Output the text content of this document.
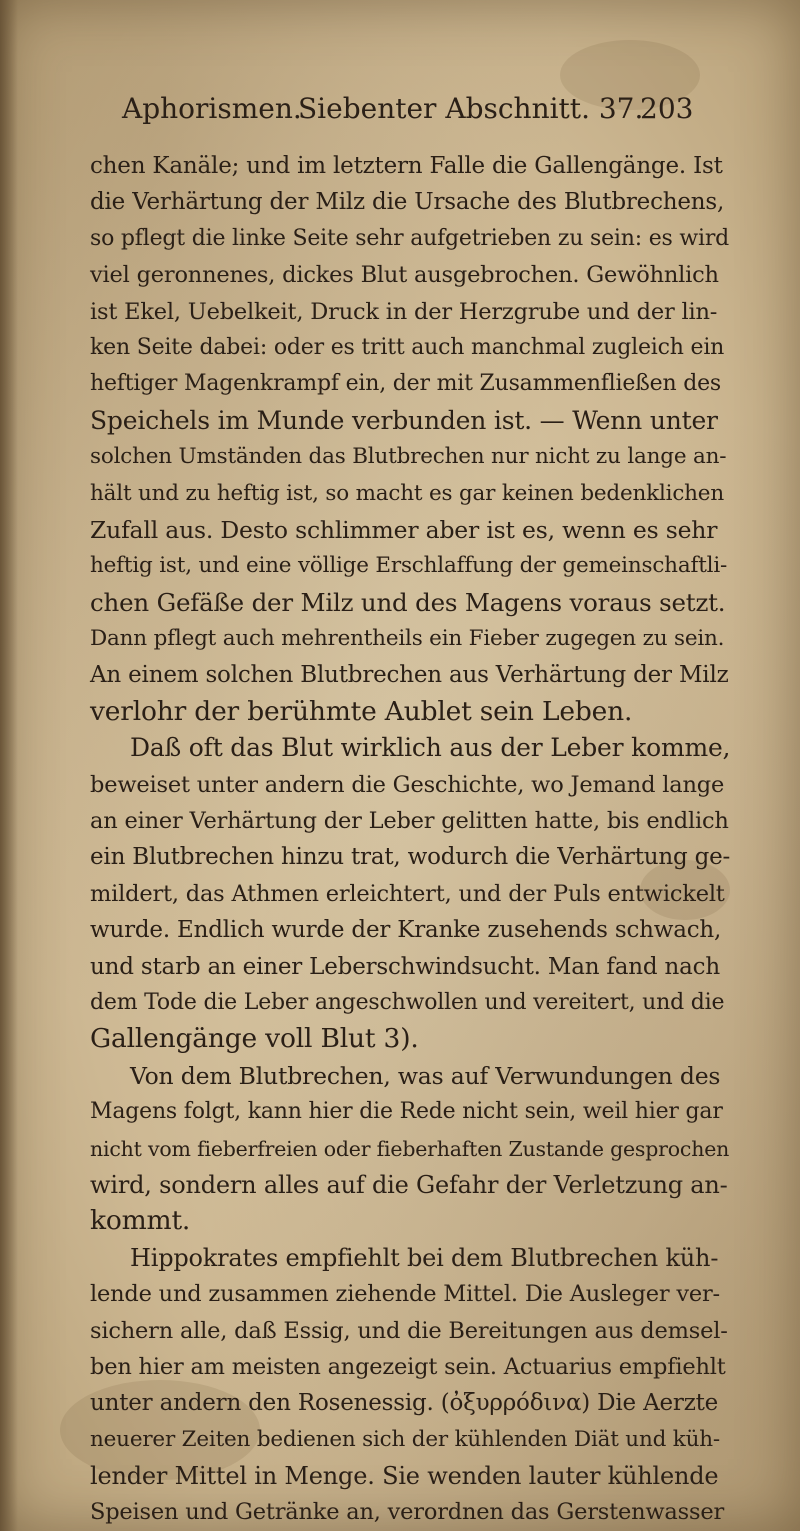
Aphorismen.
Siebenter Abschnitt. 37.
203
chen Kanäle; und im letztern Falle die Gallengänge. Ist
die Verhärtung der Milz die Ursache des Blutbrechens,
so pflegt die linke Seite sehr aufgetrieben zu sein: es wird
viel geronnenes, dickes Blut ausgebrochen. Gewöhnlich
ist Ekel, Uebelkeit, Druck in der Herzgrube und der lin-
ken Seite dabei: oder es tritt auch manchmal zugleich ein
heftiger Magenkrampf ein, der mit Zusammenfließen des
Speichels im Munde verbunden ist. — Wenn unter
solchen Umständen das Blutbrechen nur nicht zu lange an-
hält und zu heftig ist, so macht es gar keinen bedenklichen
Zufall aus. Desto schlimmer aber ist es, wenn es sehr
heftig ist, und eine völlige Erschlaffung der gemeinschaftli-
chen Gefäße der Milz und des Magens voraus setzt.
Dann pflegt auch mehrentheils ein Fieber zugegen zu sein.
An einem solchen Blutbrechen aus Verhärtung der Milz
verlohr der berühmte Aublet sein Leben.
Daß oft das Blut wirklich aus der Leber komme,
beweiset unter andern die Geschichte, wo Jemand lange
an einer Verhärtung der Leber gelitten hatte, bis endlich
ein Blutbrechen hinzu trat, wodurch die Verhärtung ge-
mildert, das Athmen erleichtert, und der Puls entwickelt
wurde. Endlich wurde der Kranke zusehends schwach,
und starb an einer Leberschwindsucht. Man fand nach
dem Tode die Leber angeschwollen und vereitert, und die
Gallengänge voll Blut 3).
Von dem Blutbrechen, was auf Verwundungen des
Magens folgt, kann hier die Rede nicht sein, weil hier gar
nicht vom fieberfreien oder fieberhaften Zustande gesprochen
wird, sondern alles auf die Gefahr der Verletzung an-
kommt.
Hippokrates empfiehlt bei dem Blutbrechen küh-
lende und zusammen ziehende Mittel. Die Ausleger ver-
sichern alle, daß Essig, und die Bereitungen aus demsel-
ben hier am meisten angezeigt sein. Actuarius empfiehlt
unter andern den Rosenessig. (ὀξυρρόδινα) Die Aerzte
neuerer Zeiten bedienen sich der kühlenden Diät und küh-
lender Mittel in Menge. Sie wenden lauter kühlende
Speisen und Getränke an, verordnen das Gerstenwasser
